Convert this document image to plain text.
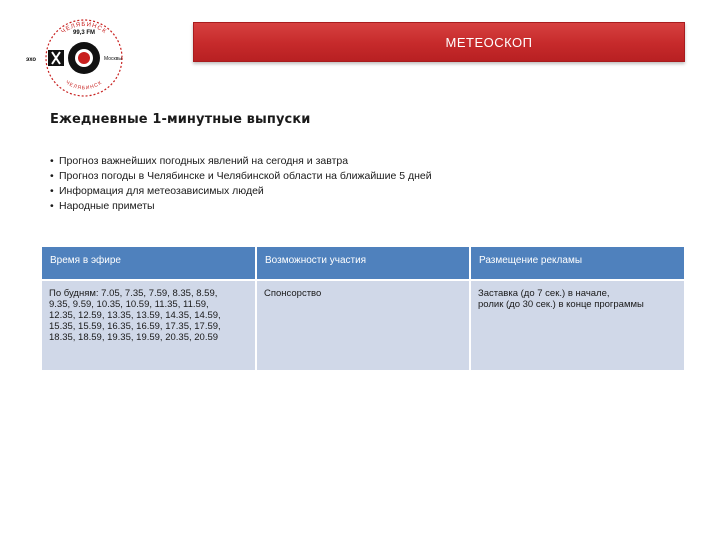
ЧЕЛЯБИНСК
99,3 FM
ЧЕЛЯБИНСК
эхо	Москвы
МЕТЕОСКОП
Ежедневные 1-минутные выпуски
• Прогноз важнейших погодных явлений на сегодня и завтра
• Прогноз погоды в Челябинске и Челябинской области на ближайшие 5 дней
• Информация для метеозависимых людей
• Народные приметы
Время в эфире	Возможности участия	Размещение рекламы
По будням: 7.05, 7.35, 7.59, 8.35, 8.59,
9.35, 9.59, 10.35, 10.59, 11.35, 11.59,
12.35, 12.59, 13.35, 13.59, 14.35, 14.59,
15.35, 15.59, 16.35, 16.59, 17.35, 17.59,
18.35, 18.59, 19.35, 19.59, 20.35, 20.59	Спонсорство	Заставка (до 7 сек.) в начале,
ролик (до 30 сек.) в конце программы
